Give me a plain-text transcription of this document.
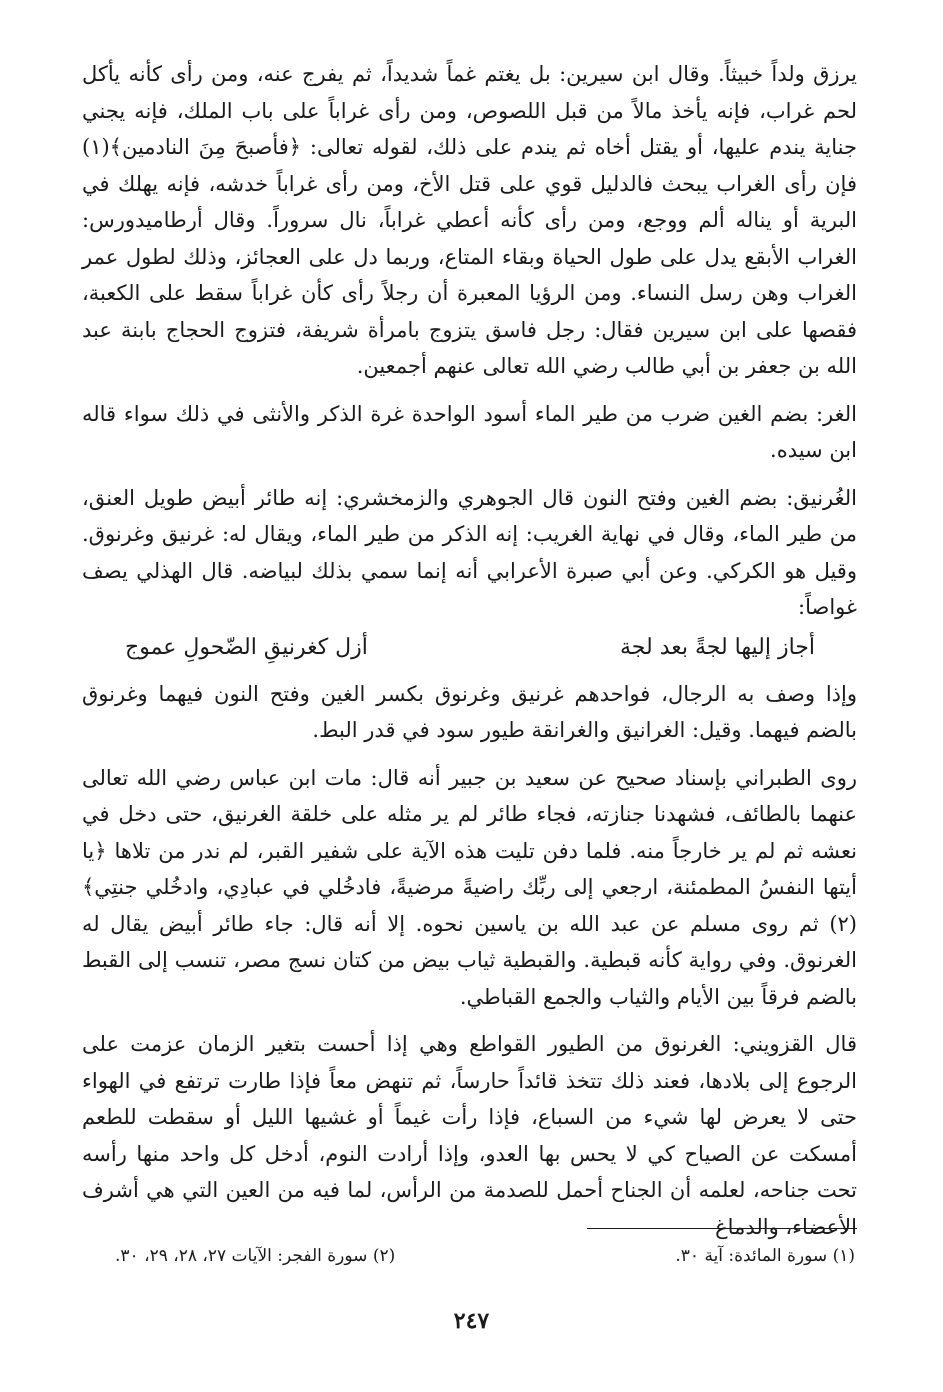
يرزق ولداً خبيثاً. وقال ابن سيرين: بل يغتم غماً شديداً، ثم يفرج عنه، ومن رأى كأنه يأكل لحم غراب، فإنه يأخذ مالاً من قبل اللصوص، ومن رأى غراباً على باب الملك، فإنه يجني جناية يندم عليها، أو يقتل أخاه ثم يندم على ذلك، لقوله تعالى: ﴿فأصبحَ مِنَ النادمين﴾(١) فإن رأى الغراب يبحث فالدليل قوي على قتل الأخ، ومن رأى غراباً خدشه، فإنه يهلك في البرية أو يناله ألم ووجع، ومن رأى كأنه أعطي غراباً، نال سروراً. وقال أرطاميدورس: الغراب الأبقع يدل على طول الحياة وبقاء المتاع، وربما دل على العجائز، وذلك لطول عمر الغراب وهن رسل النساء. ومن الرؤيا المعبرة أن رجلاً رأى كأن غراباً سقط على الكعبة، فقصها على ابن سيرين فقال: رجل فاسق يتزوج بامرأة شريفة، فتزوج الحجاج بابنة عبد الله بن جعفر بن أبي طالب رضي الله تعالى عنهم أجمعين.

الغر: بضم الغين ضرب من طير الماء أسود الواحدة غرة الذكر والأنثى في ذلك سواء قاله ابن سيده.

الغُرنيق: بضم الغين وفتح النون قال الجوهري والزمخشري: إنه طائر أبيض طويل العنق، من طير الماء، وقال في نهاية الغريب: إنه الذكر من طير الماء، ويقال له: غرنيق وغرنوق. وقيل هو الكركي. وعن أبي صبرة الأعرابي أنه إنما سمي بذلك لبياضه. قال الهذلي يصف غواصاً:

أجاز إليها لجةً بعد لجة
أزل كغرنيقِ الضّحولِ عموج

وإذا وصف به الرجال، فواحدهم غرنيق وغرنوق بكسر الغين وفتح النون فيهما وغرنوق بالضم فيهما. وقيل: الغرانيق والغرانقة طيور سود في قدر البط.

روى الطبراني بإسناد صحيح عن سعيد بن جبير أنه قال: مات ابن عباس رضي الله تعالى عنهما بالطائف، فشهدنا جنازته، فجاء طائر لم ير مثله على خلقة الغرنيق، حتى دخل في نعشه ثم لم ير خارجاً منه. فلما دفن تليت هذه الآية على شفير القبر، لم ندر من تلاها ﴿يا أيتها النفسُ المطمئنة، ارجعي إلى ربِّك راضيةً مرضيةً، فادخُلي في عبادِي، وادخُلي جنتِي﴾(٢) ثم روى مسلم عن عبد الله بن ياسين نحوه. إلا أنه قال: جاء طائر أبيض يقال له الغرنوق. وفي رواية كأنه قبطية. والقبطية ثياب بيض من كتان نسج مصر، تنسب إلى القبط بالضم فرقاً بين الأيام والثياب والجمع القباطي.

قال القزويني: الغرنوق من الطيور القواطع وهي إذا أحست بتغير الزمان عزمت على الرجوع إلى بلادها، فعند ذلك تتخذ قائداً حارساً، ثم تنهض معاً فإذا طارت ترتفع في الهواء حتى لا يعرض لها شيء من السباع، فإذا رأت غيماً أو غشيها الليل أو سقطت للطعم أمسكت عن الصياح كي لا يحس بها العدو، وإذا أرادت النوم، أدخل كل واحد منها رأسه تحت جناحه، لعلمه أن الجناح أحمل للصدمة من الرأس، لما فيه من العين التي هي أشرف الأعضاء، والدماغ

(١) سورة المائدة: آية ٣٠.
(٢) سورة الفجر: الآيات ٢٧، ٢٨، ٢٩، ٣٠.
٢٤٧
